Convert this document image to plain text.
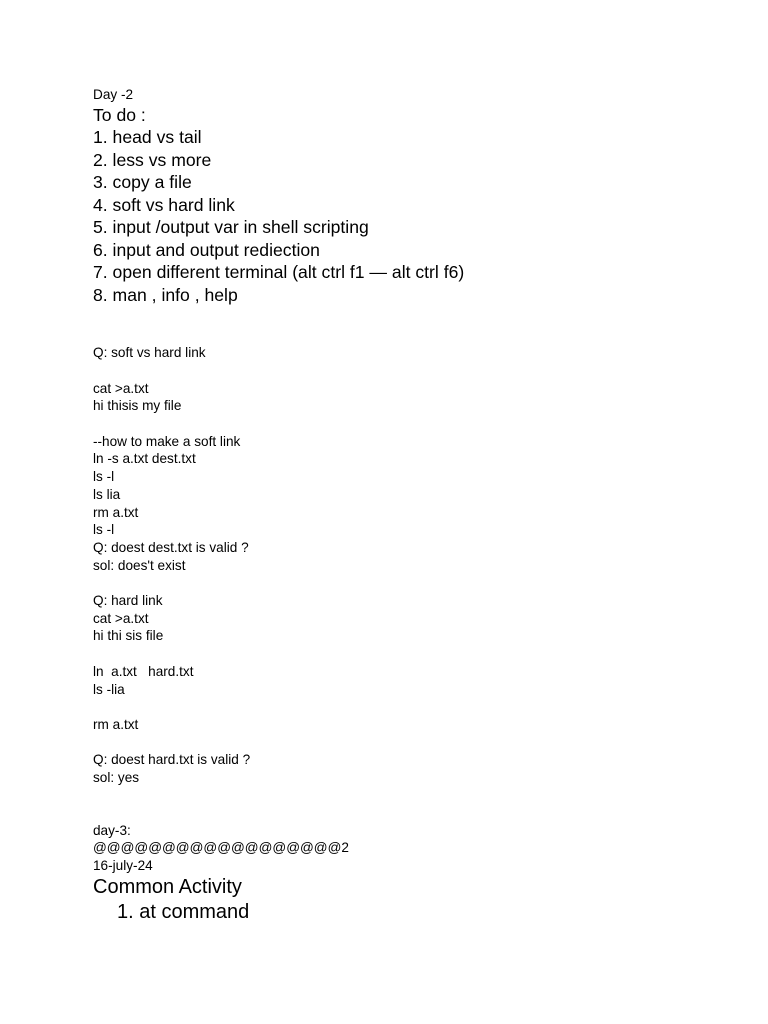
Day -2
To do :
1. head vs tail
2. less vs more
3. copy a file
4. soft vs hard link
5. input /output var in shell scripting
6. input and output rediection
7. open different terminal (alt ctrl f1 — alt ctrl f6)
8. man , info , help
Q: soft vs hard link
cat >a.txt
hi thisis my file
--how to make a soft link
ln -s a.txt dest.txt
ls -l
ls lia
rm a.txt
ls -l
Q: doest dest.txt is valid ?
sol: does't exist
Q: hard link
cat >a.txt
hi thi sis file
ln  a.txt   hard.txt
ls -lia
rm a.txt
Q: doest hard.txt is valid ?
sol: yes
day-3:
@@@@@@@@@@@@@@@@@@2
16-july-24
Common Activity
1. at command
